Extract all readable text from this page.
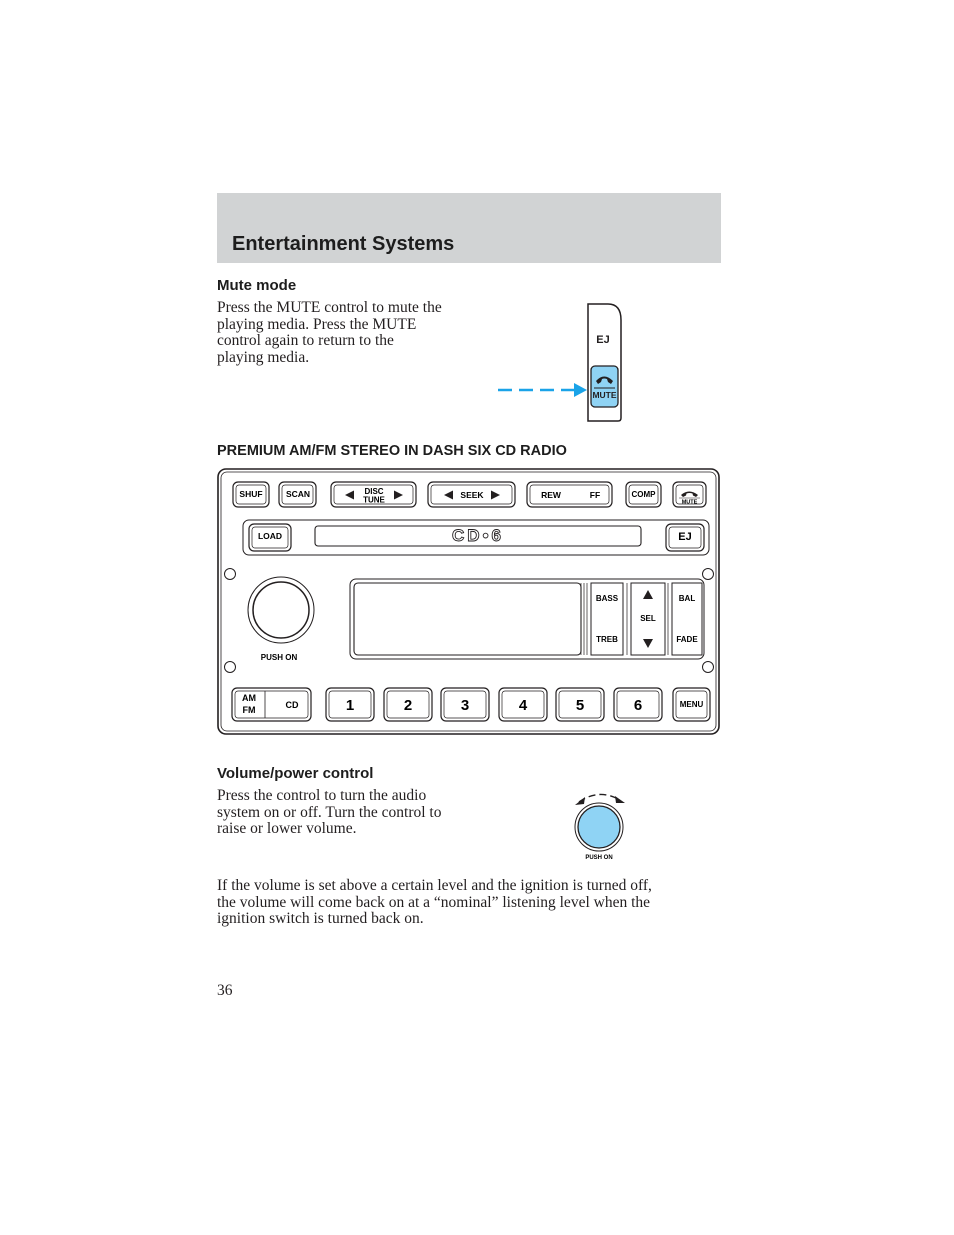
Entertainment Systems
Mute mode
Press the MUTE control to mute the
playing media. Press the MUTE
control again to return to the
playing media.
EJ
MUTE
PREMIUM AM/FM STEREO IN DASH SIX CD RADIO
SHUF	SCAN	DISC
TUNE	SEEK	REW	FF	COMP
MUTE
LOAD	CD•6	EJ
PUSH ON
BASS
TREB
SEL
BAL
FADE
AM
FM	CD	1	2	3	4	5	6	MENU
Volume/power control
Press the control to turn the audio
system on or off. Turn the control to
raise or lower volume.
PUSH ON
If the volume is set above a certain level and the ignition is turned off,
the volume will come back on at a “nominal” listening level when the
ignition switch is turned back on.
36
